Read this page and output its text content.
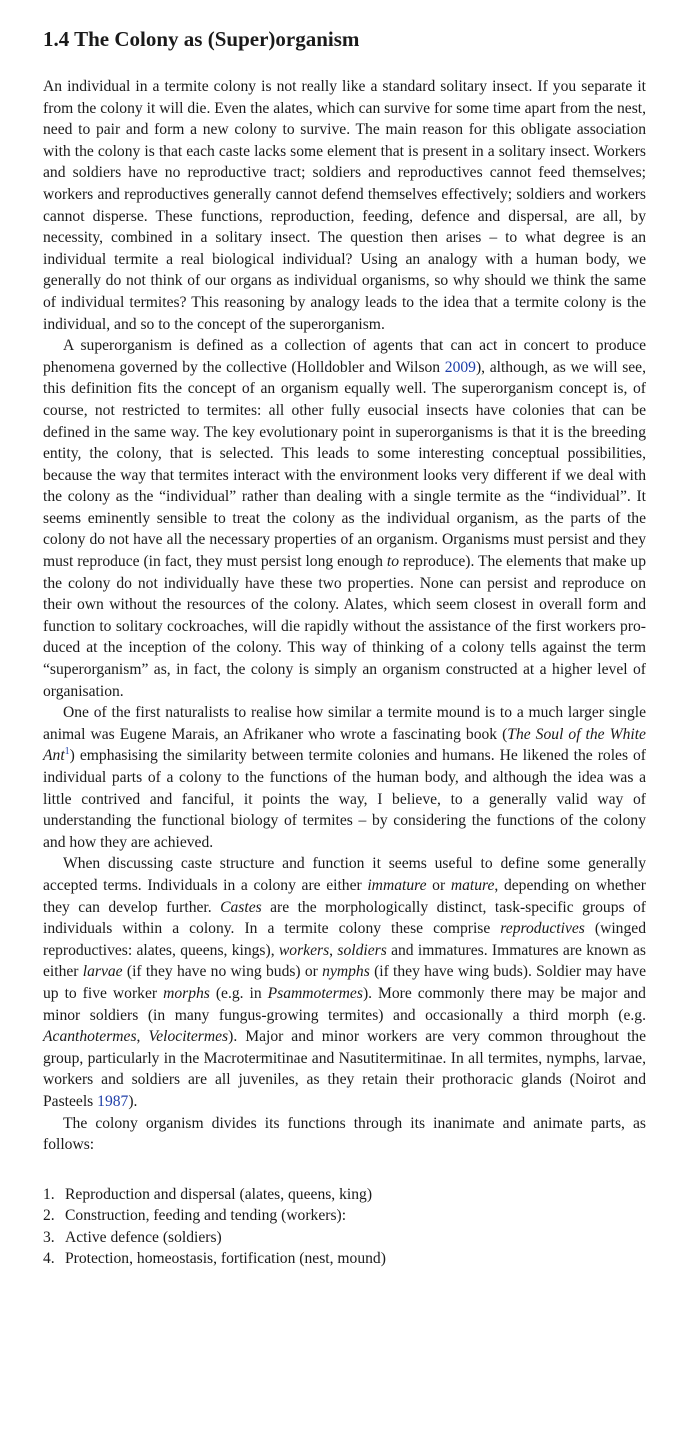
1.4 The Colony as (Super)organism

An individual in a termite colony is not really like a standard solitary insect. If you separate it from the colony it will die. Even the alates, which can survive for some time apart from the nest, need to pair and form a new colony to survive. The main reason for this obligate association with the colony is that each caste lacks some element that is present in a solitary insect. Workers and soldiers have no reproductive tract; soldiers and reproductives cannot feed themselves; workers and reproductives generally cannot defend themselves effectively; soldiers and workers cannot disperse. These functions, reproduction, feeding, defence and dispersal, are all, by necessity, combined in a solitary insect. The question then arises – to what degree is an individual termite a real biological individual? Using an analogy with a human body, we generally do not think of our organs as individual organisms, so why should we think the same of individual termites? This reasoning by analogy leads to the idea that a termite colony is the individual, and so to the concept of the superorganism.

A superorganism is defined as a collection of agents that can act in concert to produce phenomena governed by the collective (Holldobler and Wilson 2009), although, as we will see, this definition fits the concept of an organism equally well. The superorganism concept is, of course, not restricted to termites: all other fully eusocial insects have colonies that can be defined in the same way. The key evolutionary point in superorganisms is that it is the breeding entity, the colony, that is selected. This leads to some interesting conceptual possibilities, because the way that termites interact with the environment looks very different if we deal with the colony as the “individual” rather than dealing with a single termite as the “individual”. It seems eminently sensible to treat the colony as the individual organism, as the parts of the colony do not have all the necessary properties of an organism. Organisms must persist and they must reproduce (in fact, they must persist long enough to reproduce). The elements that make up the colony do not individually have these two properties. None can persist and reproduce on their own without the resources of the colony. Alates, which seem closest in overall form and function to solitary cockroaches, will die rapidly without the assistance of the first workers produced at the inception of the colony. This way of thinking of a colony tells against the term “superorganism” as, in fact, the colony is simply an organism constructed at a higher level of organisation.

One of the first naturalists to realise how similar a termite mound is to a much larger single animal was Eugene Marais, an Afrikaner who wrote a fascinating book (The Soul of the White Ant$^1$) emphasising the similarity between termite colonies and humans. He likened the roles of individual parts of a colony to the functions of the human body, and although the idea was a little contrived and fanciful, it points the way, I believe, to a generally valid way of understanding the functional biology of termites – by considering the functions of the colony and how they are achieved.

When discussing caste structure and function it seems useful to define some generally accepted terms. Individuals in a colony are either immature or mature, depending on whether they can develop further. Castes are the morphologically distinct, task-specific groups of individuals within a colony. In a termite colony these comprise reproductives (winged reproductives: alates, queens, kings), workers, soldiers and immatures. Immatures are known as either larvae (if they have no wing buds) or nymphs (if they have wing buds). Soldier may have up to five worker morphs (e.g. in Psammotermes). More commonly there may be major and minor soldiers (in many fungus-growing termites) and occasionally a third morph (e.g. Acanthotermes, Velocitermes). Major and minor workers are very common throughout the group, particularly in the Macrotermitinae and Nasutitermitinae. In all termites, nymphs, larvae, workers and soldiers are all juveniles, as they retain their prothoracic glands (Noirot and Pasteels 1987).

The colony organism divides its functions through its inanimate and animate parts, as follows:

1. Reproduction and dispersal (alates, queens, king)
2. Construction, feeding and tending (workers):
3. Active defence (soldiers)
4. Protection, homeostasis, fortification (nest, mound)
